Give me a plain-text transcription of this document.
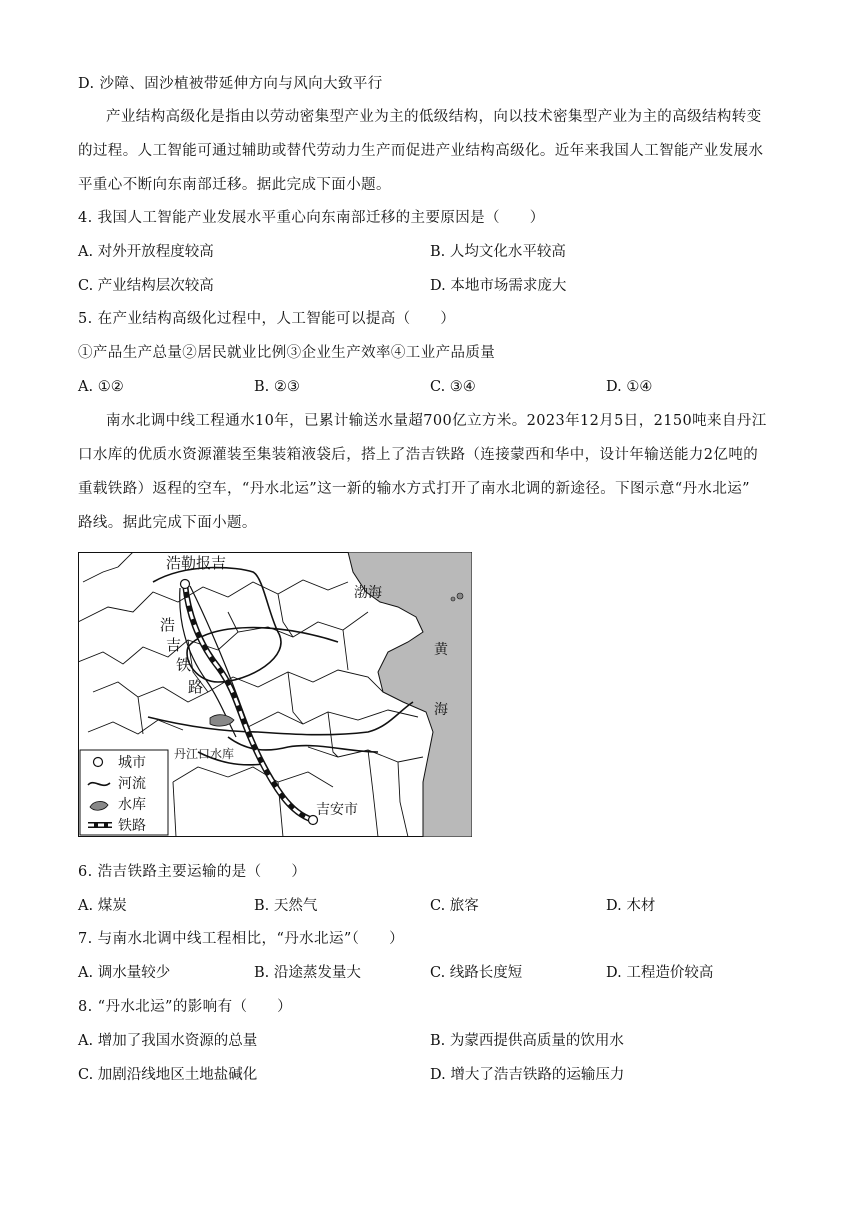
D. 沙障、固沙植被带延伸方向与风向大致平行
产业结构高级化是指由以劳动密集型产业为主的低级结构，向以技术密集型产业为主的高级结构转变
的过程。人工智能可通过辅助或替代劳动力生产而促进产业结构高级化。近年来我国人工智能产业发展水
平重心不断向东南部迁移。据此完成下面小题。
4. 我国人工智能产业发展水平重心向东南部迁移的主要原因是（　　）
A. 对外开放程度较高	B. 人均文化水平较高
C. 产业结构层次较高	D. 本地市场需求庞大
5. 在产业结构高级化过程中，人工智能可以提高（　　）
①产品生产总量②居民就业比例③企业生产效率④工业产品质量
A. ①②	B. ②③	C. ③④	D. ①④
南水北调中线工程通水10年，已累计输送水量超700亿立方米。2023年12月5日，2150吨来自丹江
口水库的优质水资源灌装至集装箱液袋后，搭上了浩吉铁路（连接蒙西和华中，设计年输送能力2亿吨的
重载铁路）返程的空车，“丹水北运”这一新的输水方式打开了南水北调的新途径。下图示意“丹水北运”
路线。据此完成下面小题。
浩勒报吉
吉安市
丹江口水库
渤海
黄
海
浩
吉
铁
路
城市
河流
水库
铁路
6. 浩吉铁路主要运输的是（　　）
A. 煤炭	B. 天然气	C. 旅客	D. 木材
7. 与南水北调中线工程相比，“丹水北运”（　　）
A. 调水量较少	B. 沿途蒸发量大	C. 线路长度短	D. 工程造价较高
8. “丹水北运”的影响有（　　）
A. 增加了我国水资源的总量	B. 为蒙西提供高质量的饮用水
C. 加剧沿线地区土地盐碱化	D. 增大了浩吉铁路的运输压力
